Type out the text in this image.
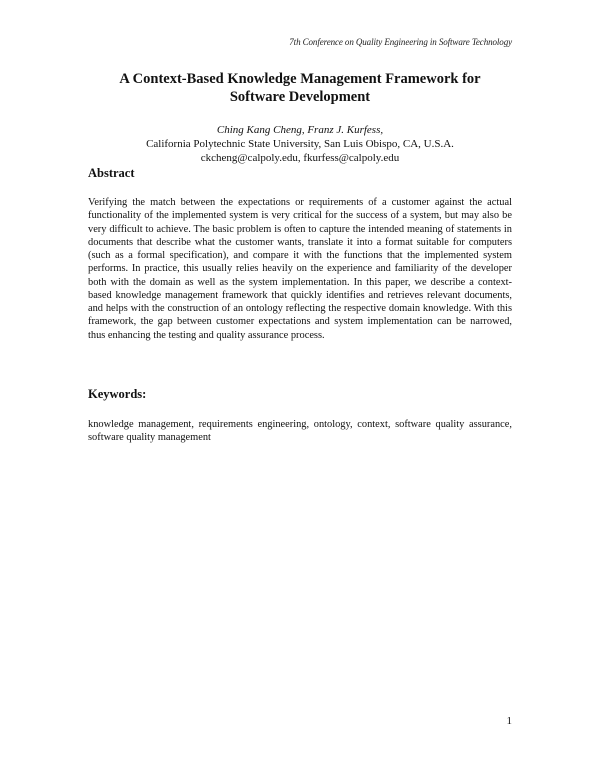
7th Conference on Quality Engineering in Software Technology
A Context-Based Knowledge Management Framework for
Software Development
Ching Kang Cheng, Franz J. Kurfess,
California Polytechnic State University, San Luis Obispo, CA, U.S.A.
ckcheng@calpoly.edu, fkurfess@calpoly.edu
Abstract
Verifying the match between the expectations or requirements of a customer against the actual functionality of the implemented system is very critical for the success of a system, but may also be very difficult to achieve. The basic problem is often to capture the intended meaning of statements in documents that describe what the customer wants, translate it into a format suitable for computers (such as a formal specification), and compare it with the functions that the implemented system performs. In practice, this usually relies heavily on the experience and familiarity of the developer both with the domain as well as the system implementation. In this paper, we describe a context-based knowledge management framework that quickly identifies and retrieves relevant documents, and helps with the construction of an ontology reflecting the respective domain knowledge. With this framework, the gap between customer expectations and system implementation can be narrowed, thus enhancing the testing and quality assurance process.
Keywords:
knowledge management, requirements engineering, ontology, context, software quality assurance, software quality management
1
